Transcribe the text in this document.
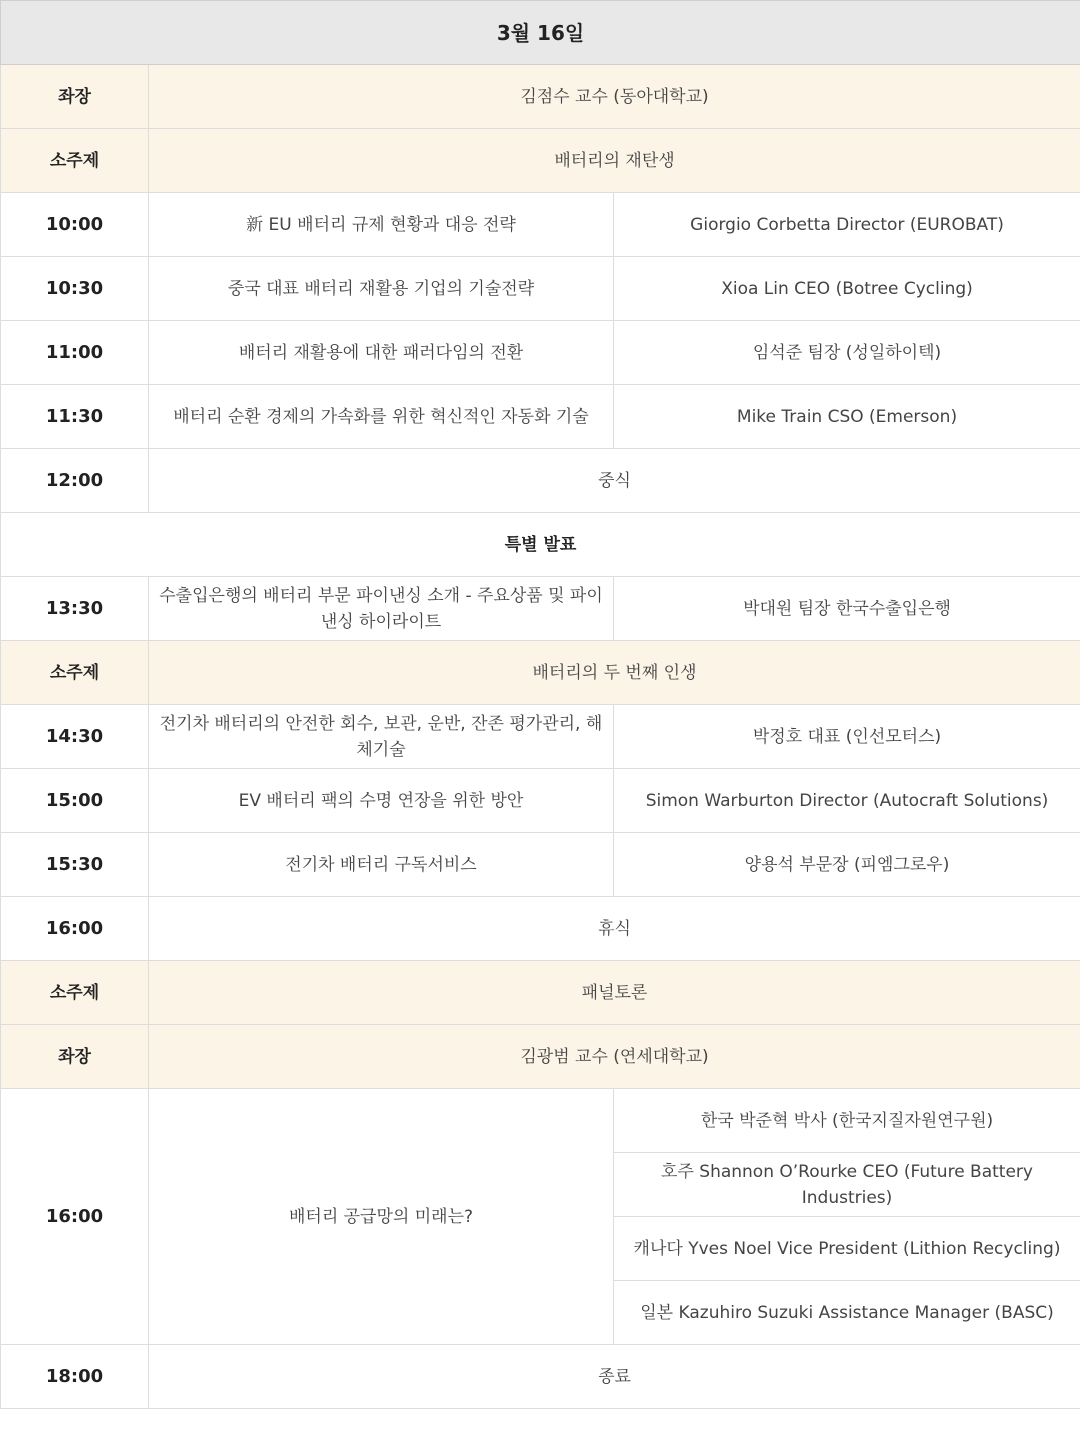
3월 16일		
좌장	김점수 교수 (동아대학교)	
소주제	배터리의 재탄생	
10:00	新 EU 배터리 규제 현황과 대응 전략	Giorgio Corbetta Director (EUROBAT)
10:30	중국 대표 배터리 재활용 기업의 기술전략	Xioa Lin CEO (Botree Cycling)
11:00	배터리 재활용에 대한 패러다임의 전환	임석준 팀장 (성일하이텍)
11:30	배터리 순환 경제의 가속화를 위한 혁신적인 자동화 기술	Mike Train CSO (Emerson)
12:00	중식	
특별 발표		
13:30	수출입은행의 배터리 부문 파이낸싱 소개 - 주요상품 및 파이낸싱 하이라이트	박대원 팀장 한국수출입은행
소주제	배터리의 두 번째 인생	
14:30	전기차 배터리의 안전한 회수, 보관, 운반, 잔존 평가관리, 해체기술	박정호 대표 (인선모터스)
15:00	EV 배터리 팩의 수명 연장을 위한 방안	Simon Warburton Director (Autocraft Solutions)
15:30	전기차 배터리 구독서비스	양용석 부문장 (피엠그로우)
16:00	휴식	
소주제	패널토론	
좌장	김광범 교수 (연세대학교)	
16:00	배터리 공급망의 미래는?	한국 박준혁 박사 (한국지질자원연구원)
		호주 Shannon O’Rourke CEO (Future Battery Industries)
		캐나다 Yves Noel Vice President (Lithion Recycling)
		일본 Kazuhiro Suzuki Assistance Manager (BASC)
18:00	종료	
